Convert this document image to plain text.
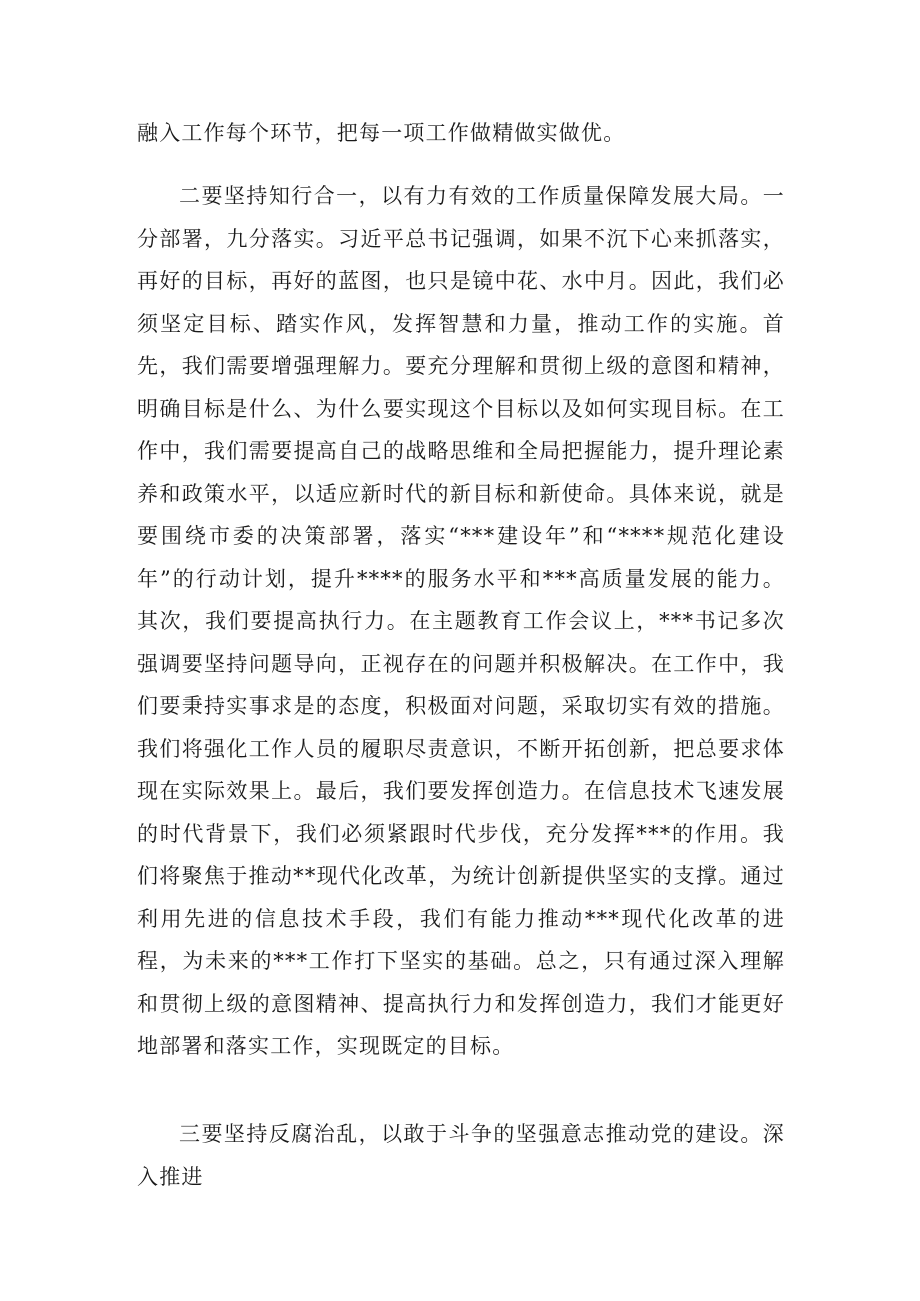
融入工作每个环节，把每一项工作做精做实做优。

二要坚持知行合一，以有力有效的工作质量保障发展大局。一分部署，九分落实。习近平总书记强调，如果不沉下心来抓落实，再好的目标，再好的蓝图，也只是镜中花、水中月。因此，我们必须坚定目标、踏实作风，发挥智慧和力量，推动工作的实施。首先，我们需要增强理解力。要充分理解和贯彻上级的意图和精神，明确目标是什么、为什么要实现这个目标以及如何实现目标。在工作中，我们需要提高自己的战略思维和全局把握能力，提升理论素养和政策水平，以适应新时代的新目标和新使命。具体来说，就是要围绕市委的决策部署，落实“***建设年”和“****规范化建设年”的行动计划，提升****的服务水平和***高质量发展的能力。其次，我们要提高执行力。在主题教育工作会议上，***书记多次强调要坚持问题导向，正视存在的问题并积极解决。在工作中，我们要秉持实事求是的态度，积极面对问题，采取切实有效的措施。我们将强化工作人员的履职尽责意识，不断开拓创新，把总要求体现在实际效果上。最后，我们要发挥创造力。在信息技术飞速发展的时代背景下，我们必须紧跟时代步伐，充分发挥***的作用。我们将聚焦于推动**现代化改革，为统计创新提供坚实的支撑。通过利用先进的信息技术手段，我们有能力推动***现代化改革的进程，为未来的***工作打下坚实的基础。总之，只有通过深入理解和贯彻上级的意图精神、提高执行力和发挥创造力，我们才能更好地部署和落实工作，实现既定的目标。

三要坚持反腐治乱，以敢于斗争的坚强意志推动党的建设。深入推进
